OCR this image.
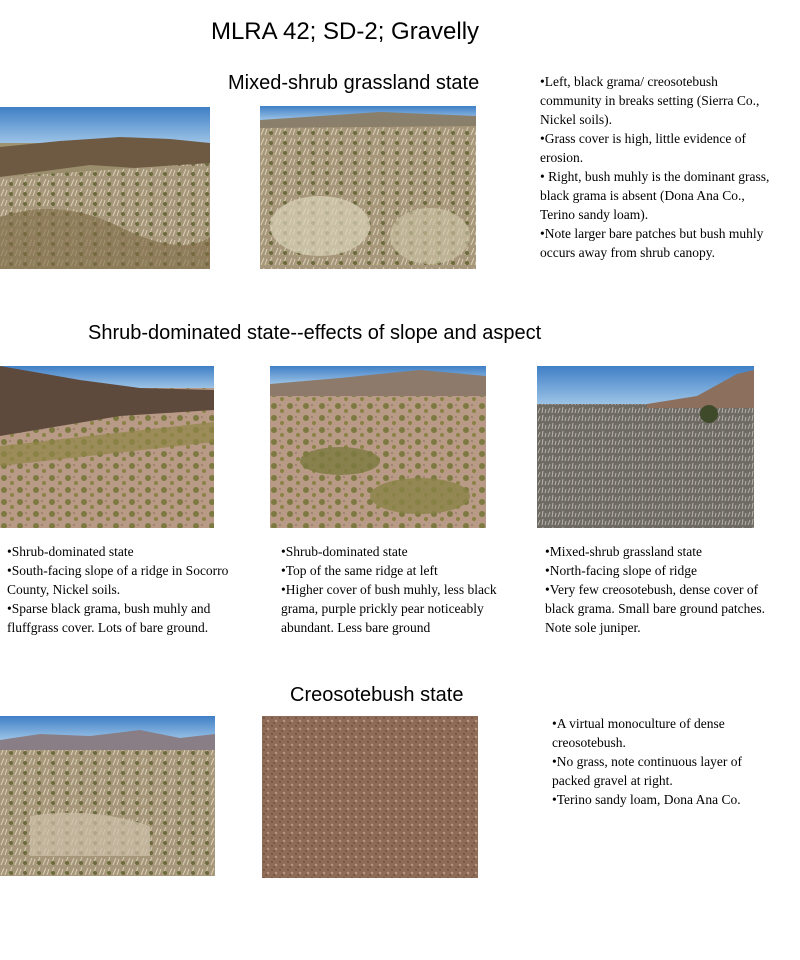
MLRA 42; SD-2; Gravelly
Mixed-shrub grassland state	•Left, black grama/ creosotebush community in breaks setting (Sierra Co., Nickel soils).
•Grass cover is high, little evidence of erosion.
• Right, bush muhly is the dominant grass, black grama is absent (Dona Ana Co., Terino sandy loam).
•Note larger bare patches but bush muhly occurs away from shrub canopy.
Shrub-dominated state--effects of slope and aspect
•Shrub-dominated state
•South-facing slope of a ridge in Socorro County, Nickel soils.
•Sparse black grama, bush muhly and fluffgrass cover. Lots of bare ground.
•Shrub-dominated state
•Top of the same ridge at left
•Higher cover of bush muhly, less black grama, purple prickly pear noticeably abundant. Less bare ground
•Mixed-shrub grassland state
•North-facing slope of ridge
•Very few creosotebush, dense cover of black grama. Small bare ground patches.
Note sole juniper.
Creosotebush state
•A virtual monoculture of dense creosotebush.
•No grass, note continuous layer of packed gravel at right.
•Terino sandy loam, Dona Ana Co.
